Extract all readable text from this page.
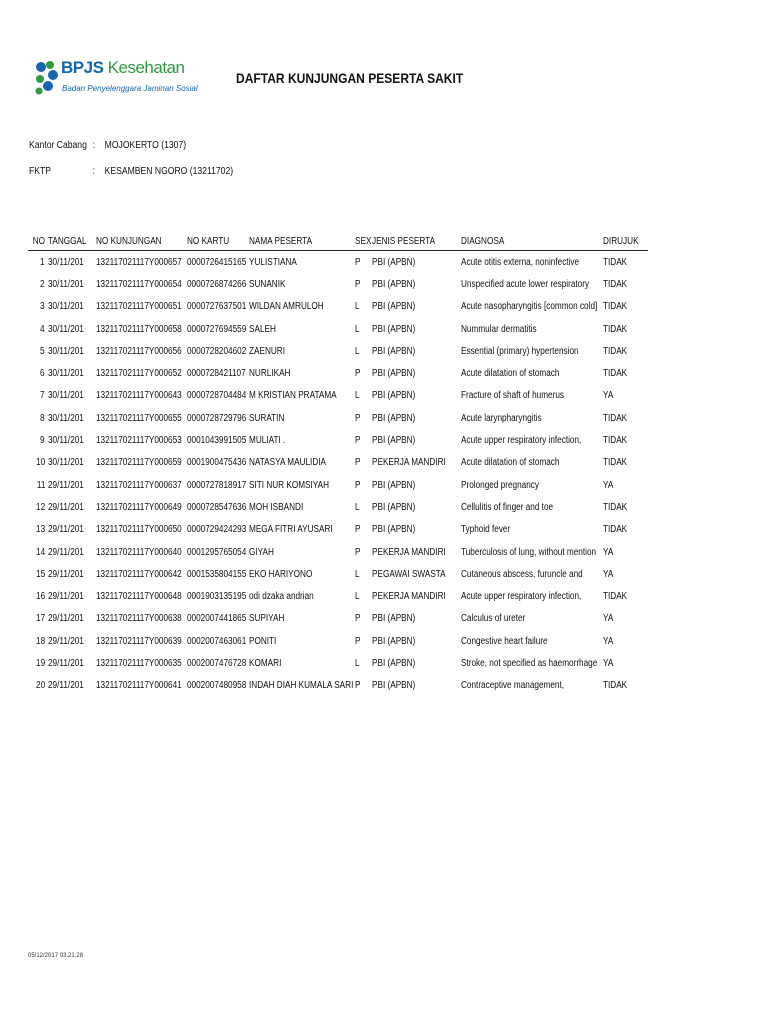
BPJS Kesehatan
Badan Penyelenggara Jaminan Sosial
DAFTAR KUNJUNGAN PESERTA SAKIT
Kantor Cabang : MOJOKERTO (1307)
FKTP	: KESAMBEN NGORO (13211702)
NO	TANGGAL	NO KUNJUNGAN	NO KARTU	NAMA PESERTA	SEX	JENIS PESERTA	DIAGNOSA	DIRUJUK
1	30/11/201	132117021117Y000657	0000726415165	YULISTIANA	P	PBI (APBN)	Acute otitis externa, noninfective	TIDAK
2	30/11/201	132117021117Y000654	0000726874266	SUNANIK	P	PBI (APBN)	Unspecified acute lower respiratory	TIDAK
3	30/11/201	132117021117Y000651	0000727637501	WILDAN AMRULOH	L	PBI (APBN)	Acute nasopharyngitis [common cold]	TIDAK
4	30/11/201	132117021117Y000658	0000727694559	SALEH	L	PBI (APBN)	Nummular dermatitis	TIDAK
5	30/11/201	132117021117Y000656	0000728204602	ZAENURI	L	PBI (APBN)	Essential (primary) hypertension	TIDAK
6	30/11/201	132117021117Y000652	0000728421107	NURLIKAH	P	PBI (APBN)	Acute dilatation of stomach	TIDAK
7	30/11/201	132117021117Y000643	0000728704484	M KRISTIAN PRATAMA	L	PBI (APBN)	Fracture of shaft of humerus	YA
8	30/11/201	132117021117Y000655	0000728729796	SURATIN	P	PBI (APBN)	Acute larynpharyngitis	TIDAK
9	30/11/201	132117021117Y000653	0001043991505	MULIATI .	P	PBI (APBN)	Acute upper respiratory infection,	TIDAK
10	30/11/201	132117021117Y000659	0001900475436	NATASYA MAULIDIA	P	PEKERJA MANDIRI	Acute dilatation of stomach	TIDAK
11	29/11/201	132117021117Y000637	0000727818917	SITI NUR KOMSIYAH	P	PBI (APBN)	Prolonged pregnancy	YA
12	29/11/201	132117021117Y000649	0000728547636	MOH ISBANDI	L	PBI (APBN)	Cellulitis of finger and toe	TIDAK
13	29/11/201	132117021117Y000650	0000729424293	MEGA FITRI AYUSARI	P	PBI (APBN)	Typhoid fever	TIDAK
14	29/11/201	132117021117Y000640	0001295765054	GIYAH	P	PEKERJA MANDIRI	Tuberculosis of lung, without mention	YA
15	29/11/201	132117021117Y000642	0001535804155	EKO HARIYONO	L	PEGAWAI SWASTA	Cutaneous abscess, furuncle and	YA
16	29/11/201	132117021117Y000648	0001903135195	odi dzaka andrian	L	PEKERJA MANDIRI	Acute upper respiratory infection,	TIDAK
17	29/11/201	132117021117Y000638	0002007441865	SUPIYAH	P	PBI (APBN)	Calculus of ureter	YA
18	29/11/201	132117021117Y000639	0002007463061	PONITI	P	PBI (APBN)	Congestive heart failure	YA
19	29/11/201	132117021117Y000635	0002007476728	KOMARI	L	PBI (APBN)	Stroke, not specified as haemorrhage	YA
20	29/11/201	132117021117Y000641	0002007480958	INDAH DIAH KUMALA SARI	P	PBI (APBN)	Contraceptive management,	TIDAK
05/12/2017 03.21.28
